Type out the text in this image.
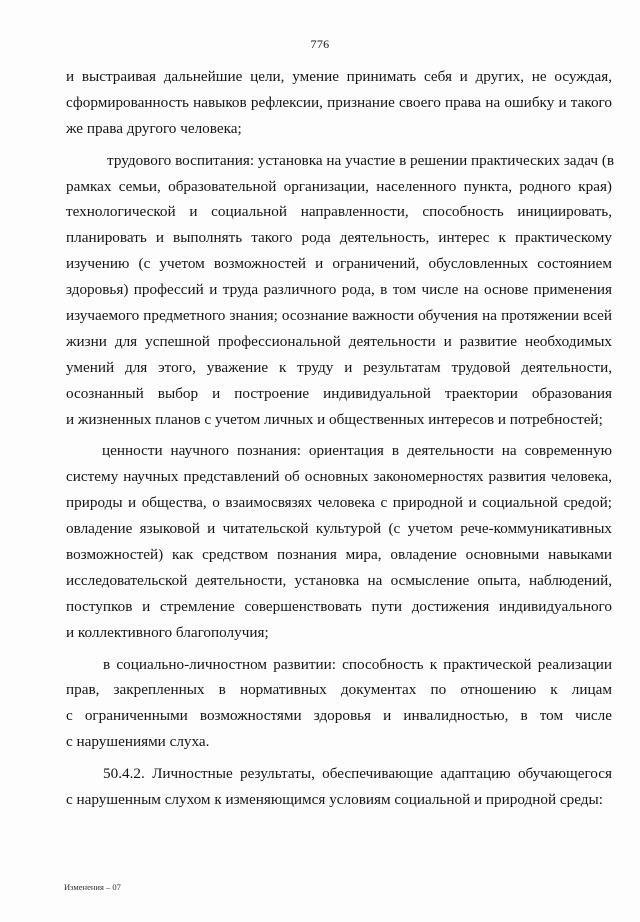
776
и выстраивая дальнейшие цели, умение принимать себя и других, не осуждая,
сформированность навыков рефлексии, признание своего права на ошибку и такого
же права другого человека;
трудового воспитания: установка на участие в решении практических задач (в
рамках семьи, образовательной организации, населенного пункта, родного края)
технологической и социальной направленности, способность инициировать,
планировать и выполнять такого рода деятельность, интерес к практическому
изучению (с учетом возможностей и ограничений, обусловленных состоянием
здоровья) профессий и труда различного рода, в том числе на основе применения
изучаемого предметного знания; осознание важности обучения на протяжении всей
жизни для успешной профессиональной деятельности и развитие необходимых
умений для этого, уважение к труду и результатам трудовой деятельности,
осознанный выбор и построение индивидуальной траектории образования
и жизненных планов с учетом личных и общественных интересов и потребностей;
ценности научного познания: ориентация в деятельности на современную
систему научных представлений об основных закономерностях развития человека,
природы и общества, о взаимосвязях человека с природной и социальной средой;
овладение языковой и читательской культурой (с учетом рече-коммуникативных
возможностей) как средством познания мира, овладение основными навыками
исследовательской деятельности, установка на осмысление опыта, наблюдений,
поступков и стремление совершенствовать пути достижения индивидуального
и коллективного благополучия;
в социально-личностном развитии: способность к практической реализации
прав, закрепленных в нормативных документах по отношению к лицам
с ограниченными возможностями здоровья и инвалидностью, в том числе
с нарушениями слуха.
50.4.2. Личностные результаты, обеспечивающие адаптацию обучающегося
с нарушенным слухом к изменяющимся условиям социальной и природной среды:
Изменения – 07
